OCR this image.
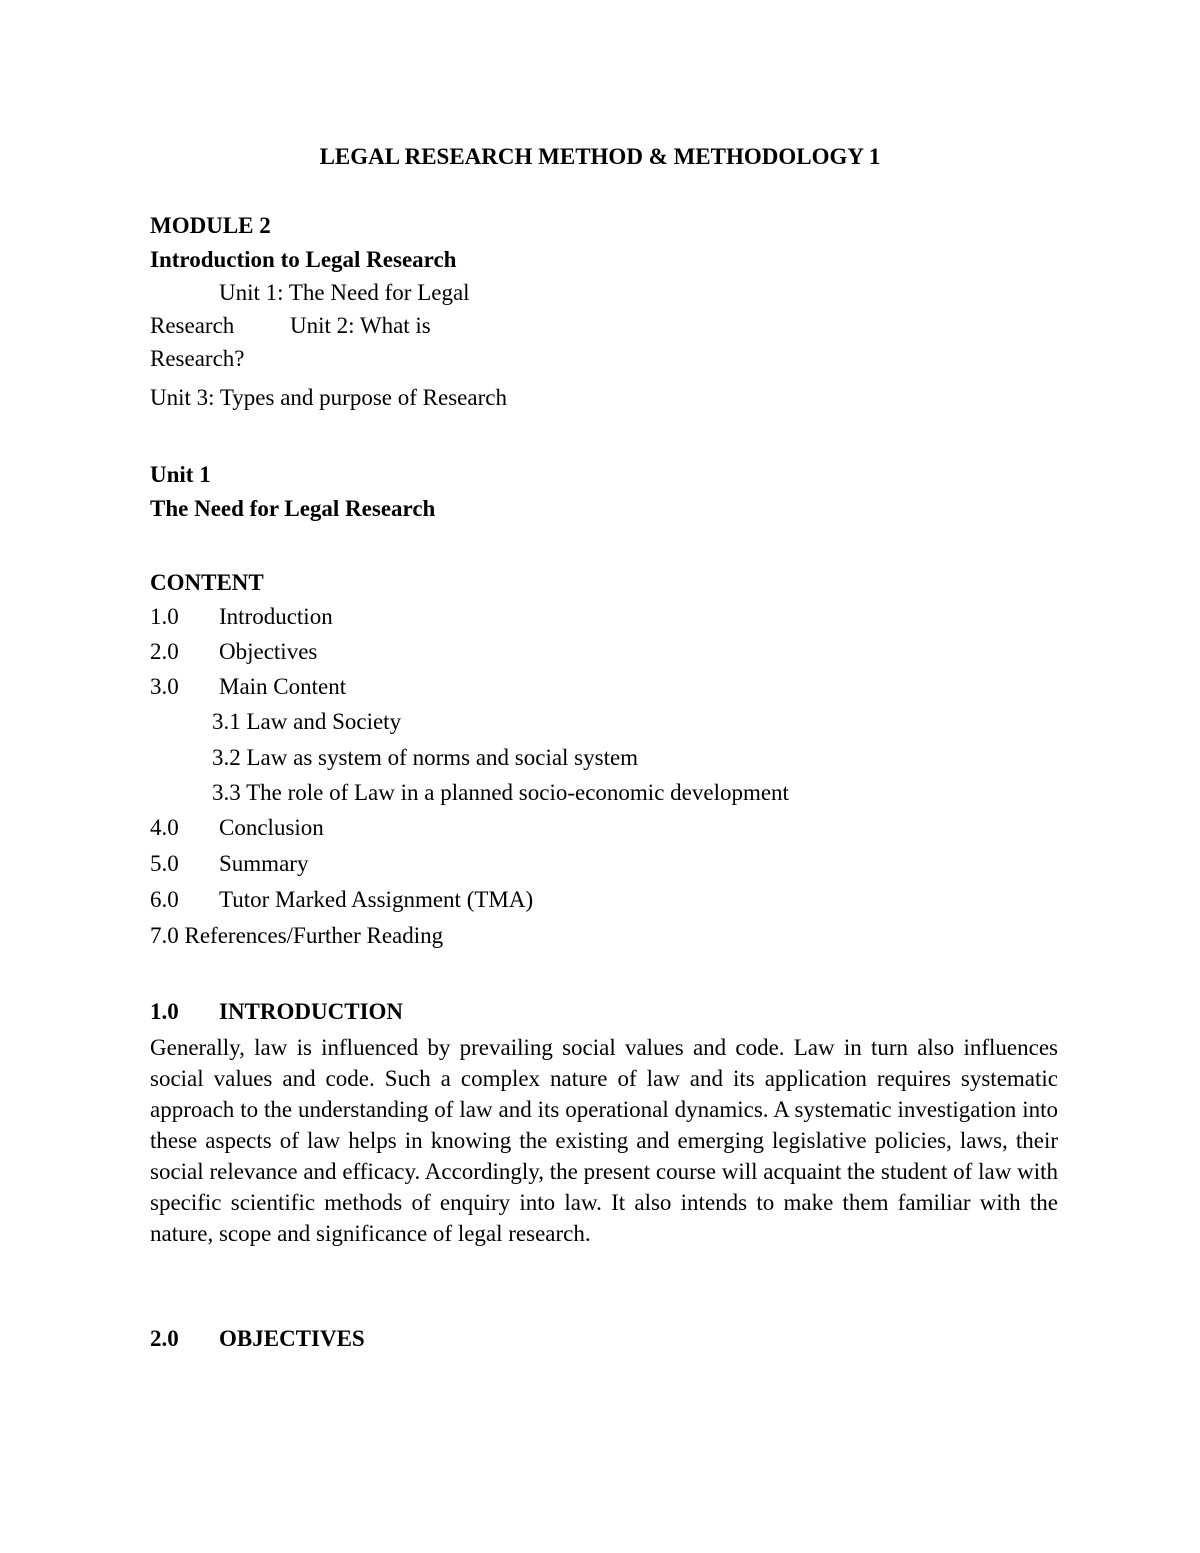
LEGAL RESEARCH METHOD & METHODOLOGY 1
MODULE 2
Introduction to Legal Research
Unit 1: The Need for Legal
Research Unit 2: What is
Research?
Unit 3: Types and purpose of Research
Unit 1
The Need for Legal Research
CONTENT
1.0 Introduction
2.0 Objectives
3.0 Main Content
3.1 Law and Society
3.2 Law as system of norms and social system
3.3 The role of Law in a planned socio-economic development
4.0 Conclusion
5.0 Summary
6.0 Tutor Marked Assignment (TMA)
7.0 References/Further Reading
1.0 INTRODUCTION
Generally, law is influenced by prevailing social values and code. Law in turn also influences social values and code. Such a complex nature of law and its application requires systematic approach to the understanding of law and its operational dynamics. A systematic investigation into these aspects of law helps in knowing the existing and emerging legislative policies, laws, their social relevance and efficacy. Accordingly, the present course will acquaint the student of law with specific scientific methods of enquiry into law. It also intends to make them familiar with the nature, scope and significance of legal research.
2.0 OBJECTIVES
